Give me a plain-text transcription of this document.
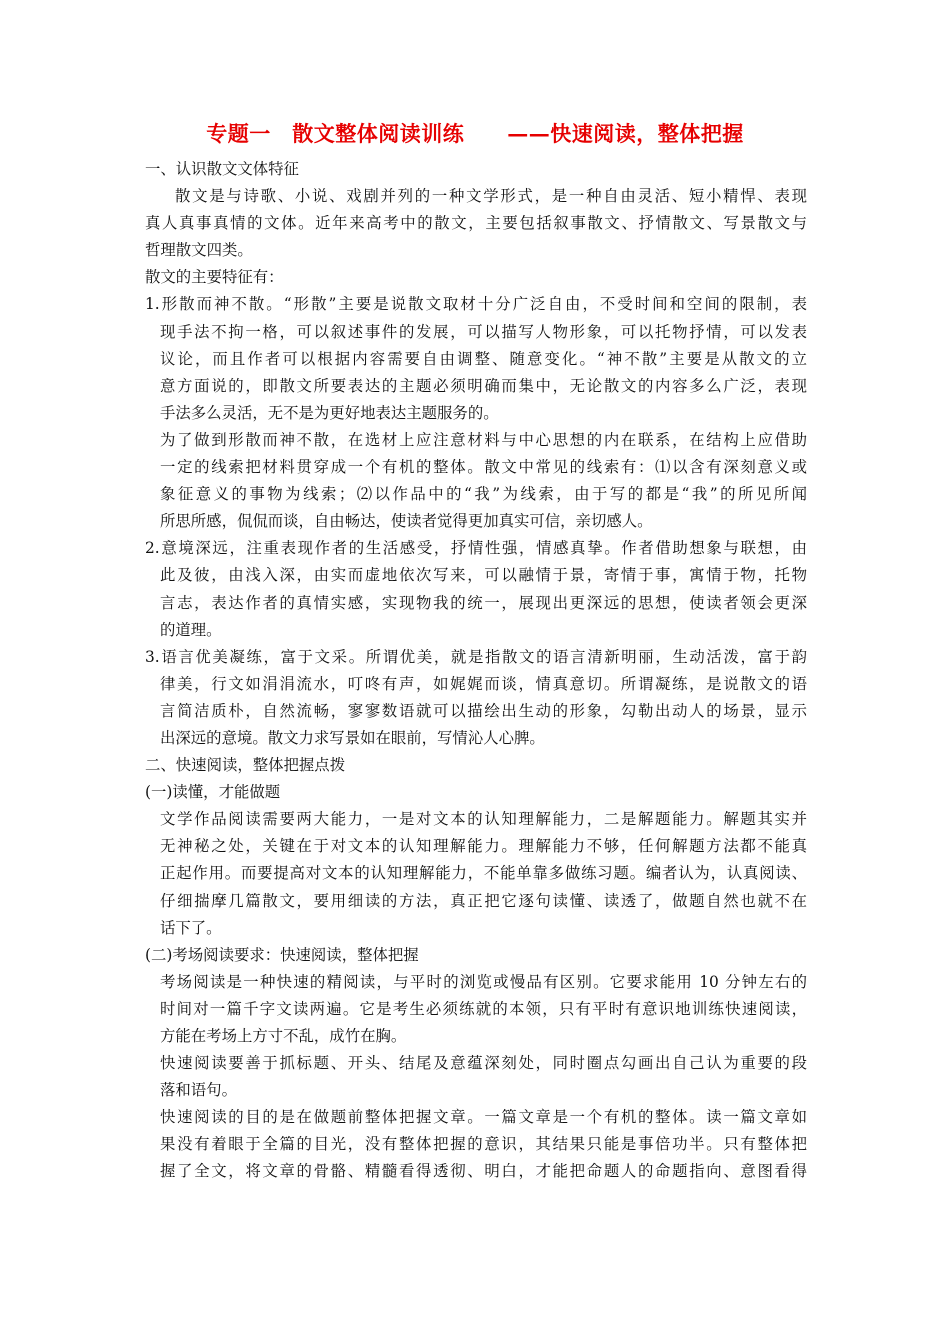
专题一　散文整体阅读训练　　——快速阅读，整体把握

一、认识散文文体特征

散文是与诗歌、小说、戏剧并列的一种文学形式，是一种自由灵活、短小精悍、表现

真人真事真情的文体。近年来高考中的散文，主要包括叙事散文、抒情散文、写景散文与

哲理散文四类。

散文的主要特征有：

1.形散而神不散。“形散”主要是说散文取材十分广泛自由，不受时间和空间的限制，表

现手法不拘一格，可以叙述事件的发展，可以描写人物形象，可以托物抒情，可以发表

议论，而且作者可以根据内容需要自由调整、随意变化。“神不散”主要是从散文的立

意方面说的，即散文所要表达的主题必须明确而集中，无论散文的内容多么广泛，表现

手法多么灵活，无不是为更好地表达主题服务的。

为了做到形散而神不散，在选材上应注意材料与中心思想的内在联系，在结构上应借助

一定的线索把材料贯穿成一个有机的整体。散文中常见的线索有：⑴以含有深刻意义或

象征意义的事物为线索；⑵以作品中的“我”为线索，由于写的都是“我”的所见所闻

所思所感，侃侃而谈，自由畅达，使读者觉得更加真实可信，亲切感人。

2.意境深远，注重表现作者的生活感受，抒情性强，情感真挚。作者借助想象与联想，由

此及彼，由浅入深，由实而虚地依次写来，可以融情于景，寄情于事，寓情于物，托物

言志，表达作者的真情实感，实现物我的统一，展现出更深远的思想，使读者领会更深

的道理。

3.语言优美凝练，富于文采。所谓优美，就是指散文的语言清新明丽，生动活泼，富于韵

律美，行文如涓涓流水，叮咚有声，如娓娓而谈，情真意切。所谓凝练，是说散文的语

言简洁质朴，自然流畅，寥寥数语就可以描绘出生动的形象，勾勒出动人的场景，显示

出深远的意境。散文力求写景如在眼前，写情沁人心脾。

二、快速阅读，整体把握点拨

(一)读懂，才能做题

文学作品阅读需要两大能力，一是对文本的认知理解能力，二是解题能力。解题其实并

无神秘之处，关键在于对文本的认知理解能力。理解能力不够，任何解题方法都不能真

正起作用。而要提高对文本的认知理解能力，不能单靠多做练习题。编者认为，认真阅读、

仔细揣摩几篇散文，要用细读的方法，真正把它逐句读懂、读透了，做题自然也就不在

话下了。

(二)考场阅读要求：快速阅读，整体把握

考场阅读是一种快速的精阅读，与平时的浏览或慢品有区别。它要求能用 10 分钟左右的

时间对一篇千字文读两遍。它是考生必须练就的本领，只有平时有意识地训练快速阅读，

方能在考场上方寸不乱，成竹在胸。

快速阅读要善于抓标题、开头、结尾及意蕴深刻处，同时圈点勾画出自己认为重要的段

落和语句。

快速阅读的目的是在做题前整体把握文章。一篇文章是一个有机的整体。读一篇文章如

果没有着眼于全篇的目光，没有整体把握的意识，其结果只能是事倍功半。只有整体把

握了全文，将文章的骨骼、精髓看得透彻、明白，才能把命题人的命题指向、意图看得
